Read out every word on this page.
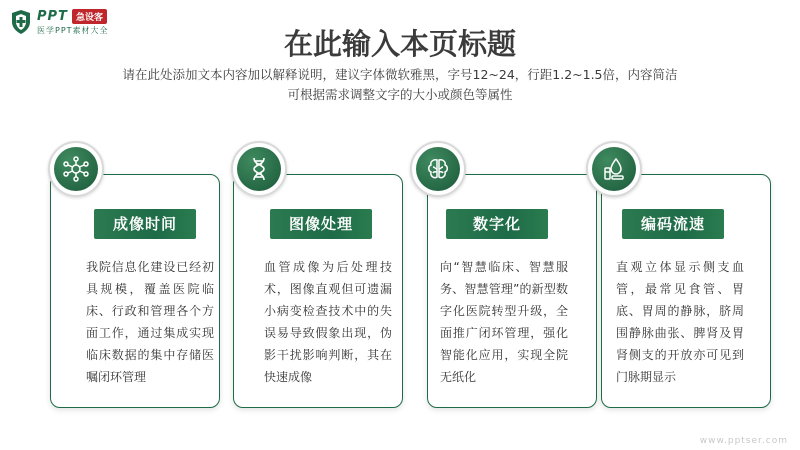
PPT 急设客
医学PPT素材大全	在此输入本页标题
请在此处添加文本内容加以解释说明，建议字体微软雅黑，字号12~24，行距1.2~1.5倍，内容简洁
可根据需求调整文字的大小或颜色等属性
成像时间
我院信息化建设已经初具规模，覆盖医院临床、行政和管理各个方面工作，通过集成实现临床数据的集中存储医嘱闭环管理
图像处理
血管成像为后处理技术，图像直观但可遗漏小病变检查技术中的失误易导致假象出现，伪影干扰影响判断，其在快速成像
数字化
向“智慧临床、智慧服务、智慧管理”的新型数字化医院转型升级，全面推广闭环管理，强化智能化应用，实现全院无纸化
编码流速
直观立体显示侧支血管，最常见食管、胃底、胃周的静脉，脐周围静脉曲张、脾肾及胃肾侧支的开放亦可见到门脉期显示
www.pptser.com
